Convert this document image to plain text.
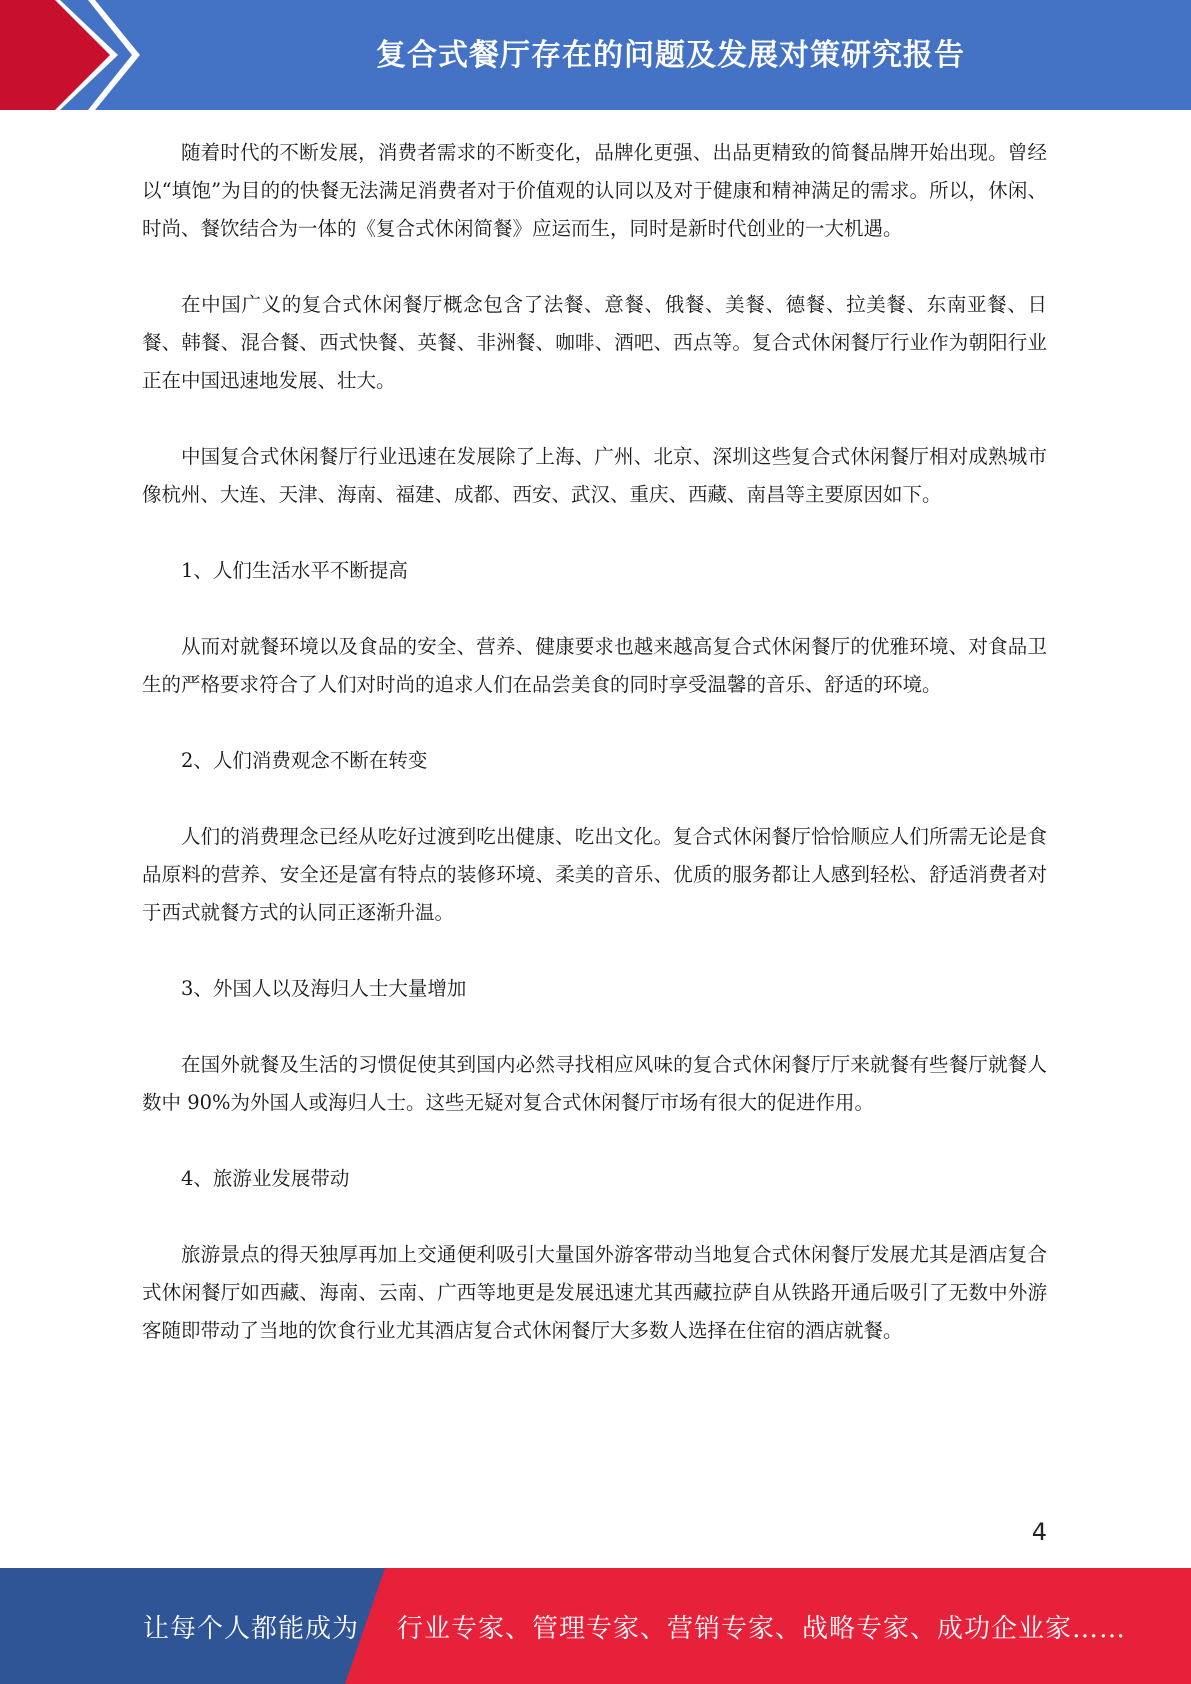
复合式餐厅存在的问题及发展对策研究报告

随着时代的不断发展，消费者需求的不断变化，品牌化更强、出品更精致的简餐品牌开始出现。曾经以“填饱”为目的的快餐无法满足消费者对于价值观的认同以及对于健康和精神满足的需求。所以，休闲、时尚、餐饮结合为一体的《复合式休闲简餐》应运而生，同时是新时代创业的一大机遇。

在中国广义的复合式休闲餐厅概念包含了法餐、意餐、俄餐、美餐、德餐、拉美餐、东南亚餐、日餐、韩餐、混合餐、西式快餐、英餐、非洲餐、咖啡、酒吧、西点等。复合式休闲餐厅行业作为朝阳行业正在中国迅速地发展、壮大。

中国复合式休闲餐厅行业迅速在发展除了上海、广州、北京、深圳这些复合式休闲餐厅相对成熟城市像杭州、大连、天津、海南、福建、成都、西安、武汉、重庆、西藏、南昌等主要原因如下。

1、人们生活水平不断提高

从而对就餐环境以及食品的安全、营养、健康要求也越来越高复合式休闲餐厅的优雅环境、对食品卫生的严格要求符合了人们对时尚的追求人们在品尝美食的同时享受温馨的音乐、舒适的环境。

2、人们消费观念不断在转变

人们的消费理念已经从吃好过渡到吃出健康、吃出文化。复合式休闲餐厅恰恰顺应人们所需无论是食品原料的营养、安全还是富有特点的装修环境、柔美的音乐、优质的服务都让人感到轻松、舒适消费者对于西式就餐方式的认同正逐渐升温。

3、外国人以及海归人士大量增加

在国外就餐及生活的习惯促使其到国内必然寻找相应风味的复合式休闲餐厅厅来就餐有些餐厅就餐人数中 90%为外国人或海归人士。这些无疑对复合式休闲餐厅市场有很大的促进作用。

4、旅游业发展带动

旅游景点的得天独厚再加上交通便利吸引大量国外游客带动当地复合式休闲餐厅发展尤其是酒店复合式休闲餐厅如西藏、海南、云南、广西等地更是发展迅速尤其西藏拉萨自从铁路开通后吸引了无数中外游客随即带动了当地的饮食行业尤其酒店复合式休闲餐厅大多数人选择在住宿的酒店就餐。

4
让每个人都能成为 行业专家、管理专家、营销专家、战略专家、成功企业家……
